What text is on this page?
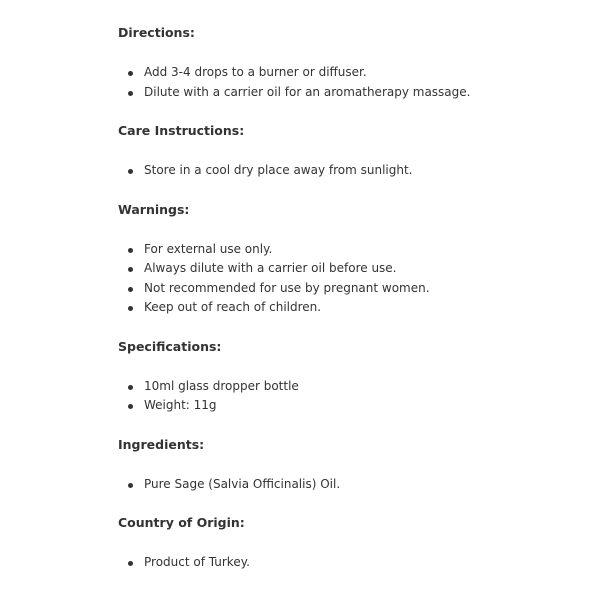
Directions:
Add 3-4 drops to a burner or diffuser.
Dilute with a carrier oil for an aromatherapy massage.
Care Instructions:
Store in a cool dry place away from sunlight.
Warnings:
For external use only.
Always dilute with a carrier oil before use.
Not recommended for use by pregnant women.
Keep out of reach of children.
Specifications:
10ml glass dropper bottle
Weight: 11g
Ingredients:
Pure Sage (Salvia Officinalis) Oil.
Country of Origin:
Product of Turkey.
